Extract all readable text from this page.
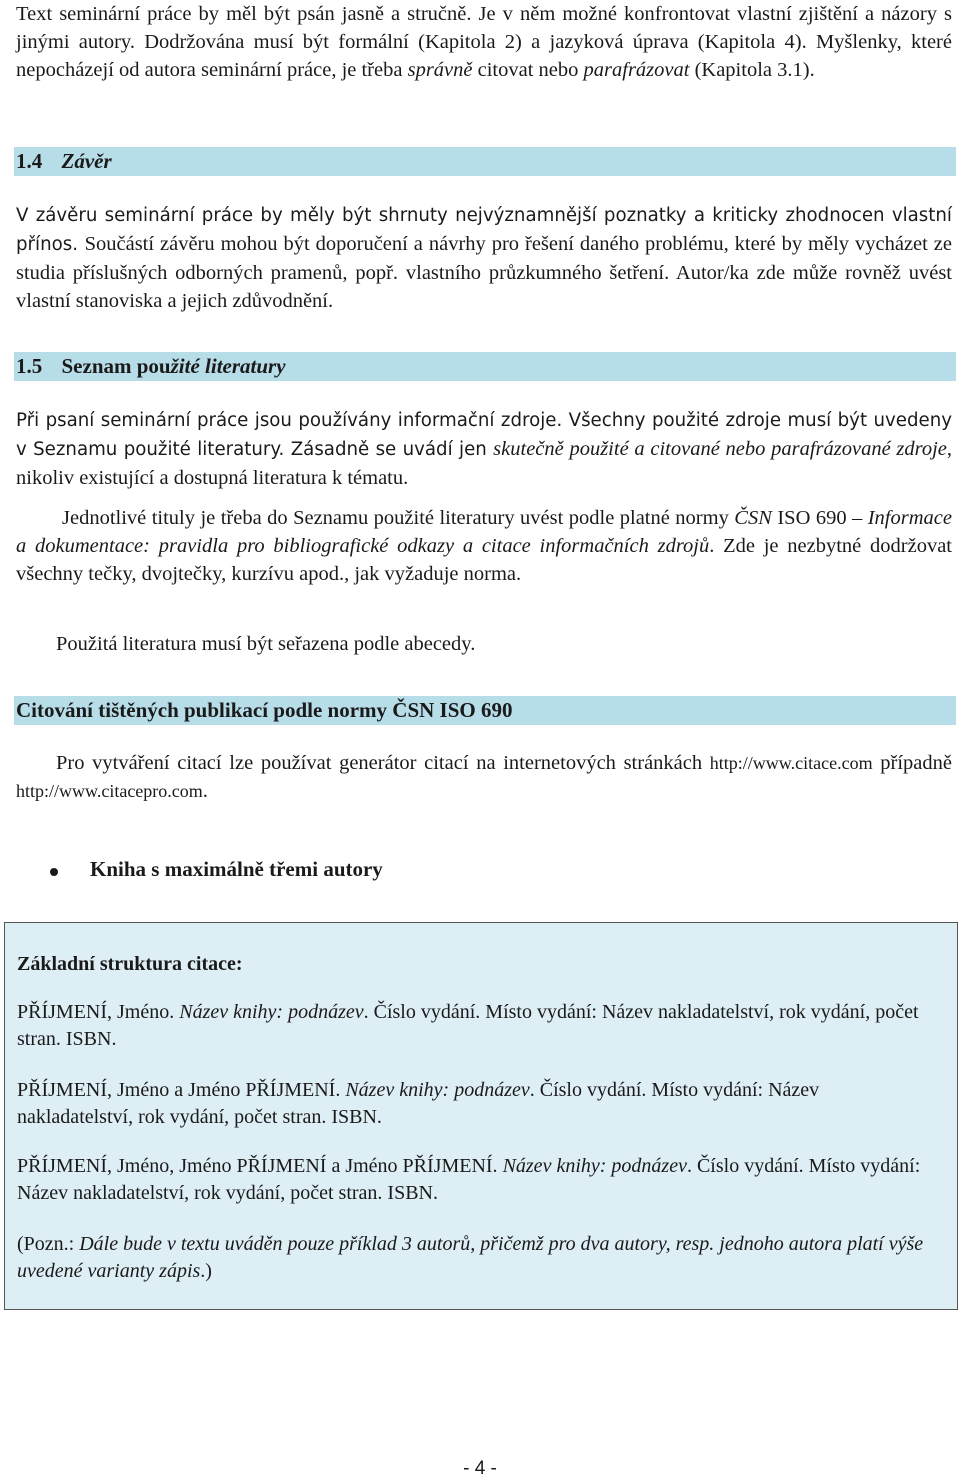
Text seminární práce by měl být psán jasně a stručně. Je v něm možné konfrontovat vlastní zjištění a názory s jinými autory. Dodržována musí být formální (Kapitola 2) a jazyková úprava (Kapitola 4). Myšlenky, které nepocházejí od autora seminární práce, je třeba správně citovat nebo parafrázovat (Kapitola 3.1).

1.4 Závěr

V závěru seminární práce by měly být shrnuty nejvýznamnější poznatky a kriticky zhodnocen vlastní přínos. Součástí závěru mohou být doporučení a návrhy pro řešení daného problému, které by měly vycházet ze studia příslušných odborných pramenů, popř. vlastního průzkumného šetření. Autor/ka zde může rovněž uvést vlastní stanoviska a jejich zdůvodnění.

1.5 Seznam použité literatury

Při psaní seminární práce jsou používány informační zdroje. Všechny použité zdroje musí být uvedeny v Seznamu použité literatury. Zásadně se uvádí jen skutečně použité a citované nebo parafrázované zdroje, nikoliv existující a dostupná literatura k tématu.

Jednotlivé tituly je třeba do Seznamu použité literatury uvést podle platné normy ČSN ISO 690 – Informace a dokumentace: pravidla pro bibliografické odkazy a citace informačních zdrojů. Zde je nezbytné dodržovat všechny tečky, dvojtečky, kurzívu apod., jak vyžaduje norma.

Použitá literatura musí být seřazena podle abecedy.

Citování tištěných publikací podle normy ČSN ISO 690

Pro vytváření citací lze používat generátor citací na internetových stránkách http://www.citace.com případně http://www.citacepro.com.

Kniha s maximálně třemi autory

Základní struktura citace:

PŘÍJMENÍ, Jméno. Název knihy: podnázev. Číslo vydání. Místo vydání: Název nakladatelství, rok vydání, počet stran. ISBN.

PŘÍJMENÍ, Jméno a Jméno PŘÍJMENÍ. Název knihy: podnázev. Číslo vydání. Místo vydání: Název nakladatelství, rok vydání, počet stran. ISBN.

PŘÍJMENÍ, Jméno, Jméno PŘÍJMENÍ a Jméno PŘÍJMENÍ. Název knihy: podnázev. Číslo vydání. Místo vydání: Název nakladatelství, rok vydání, počet stran. ISBN.

(Pozn.: Dále bude v textu uváděn pouze příklad 3 autorů, přičemž pro dva autory, resp. jednoho autora platí výše uvedené varianty zápis.)

- 4 -
